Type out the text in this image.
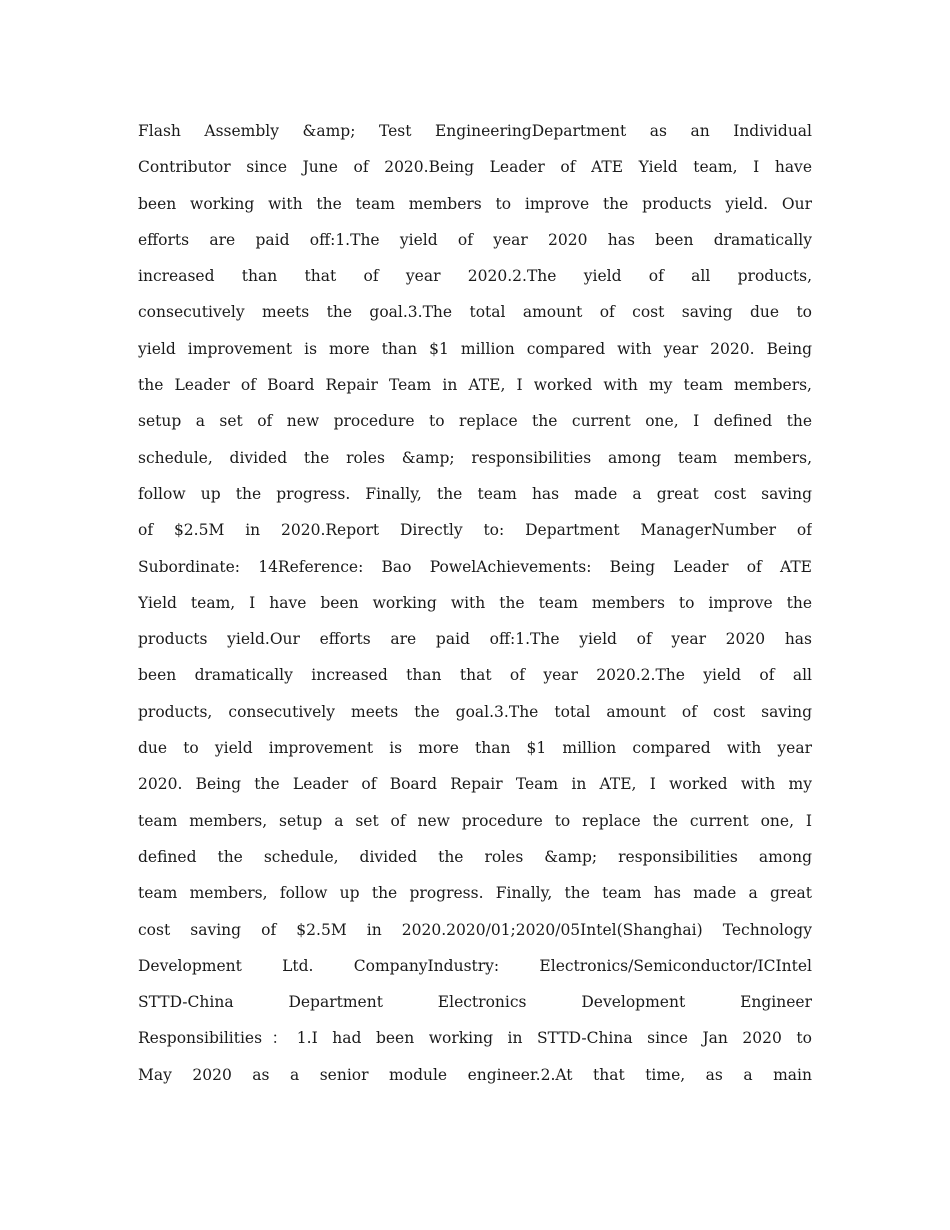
Flash Assembly &amp; Test EngineeringDepartment as an Individual
Contributor since June of 2020.Being Leader of ATE Yield team, I have
been working with the team members to improve the products yield. Our
efforts are paid off:1.The yield of year 2020 has been dramatically
increased than that of year 2020.2.The yield of all products,
consecutively meets the goal.3.The total amount of cost saving due to
yield improvement is more than $1 million compared with year 2020. Being
the Leader of Board Repair Team in ATE, I worked with my team members,
setup a set of new procedure to replace the current one, I defined the
schedule, divided the roles &amp; responsibilities among team members,
follow up the progress. Finally, the team has made a great cost saving
of $2.5M in 2020.Report Directly to: Department ManagerNumber of
Subordinate: 14Reference: Bao PowelAchievements: Being Leader of ATE
Yield team, I have been working with the team members to improve the
products yield.Our efforts are paid off:1.The yield of year 2020 has
been dramatically increased than that of year 2020.2.The yield of all
products, consecutively meets the goal.3.The total amount of cost saving
due to yield improvement is more than $1 million compared with year
2020. Being the Leader of Board Repair Team in ATE, I worked with my
team members, setup a set of new procedure to replace the current one, I
defined the schedule, divided the roles &amp; responsibilities among
team members, follow up the progress. Finally, the team has made a great
cost saving of $2.5M in 2020.2020/01;2020/05Intel(Shanghai) Technology
Development Ltd. CompanyIndustry: Electronics/Semiconductor/ICIntel
STTD-China Department Electronics Development Engineer
Responsibilities：1.I had been working in STTD-China since Jan 2020 to
May 2020 as a senior module engineer.2.At that time, as a main
